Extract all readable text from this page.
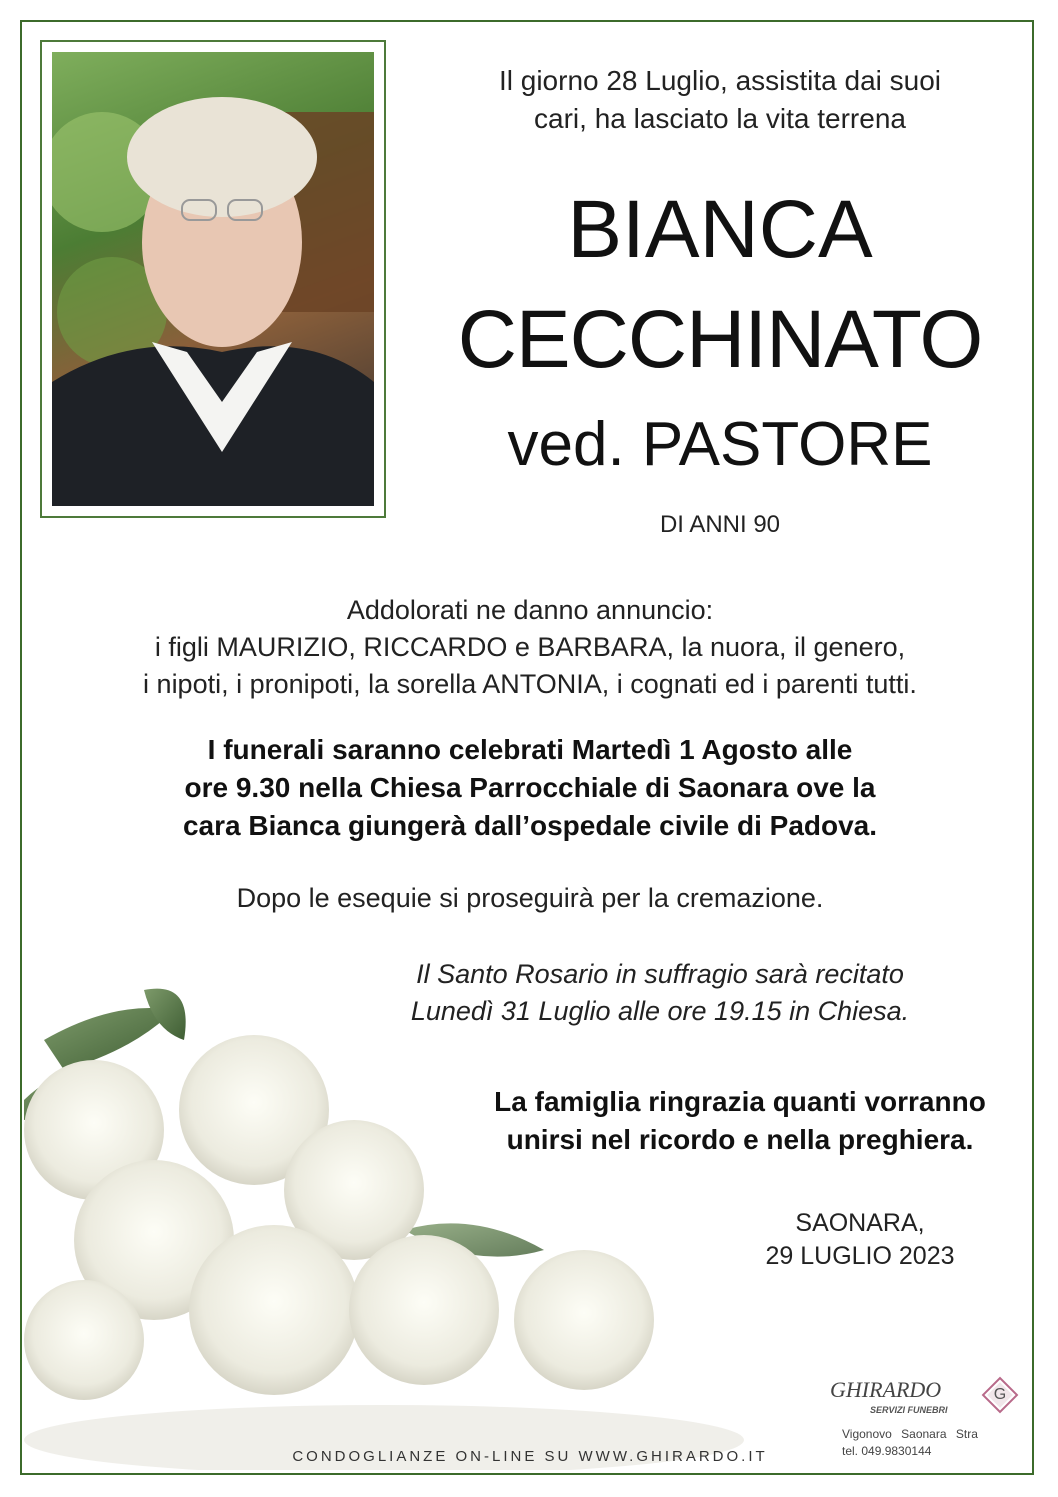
Il giorno 28 Luglio, assistita dai suoi
cari, ha lasciato la vita terrena
BIANCA
CECCHINATO
ved. PASTORE
DI ANNI 90
Addolorati ne danno annuncio:
i figli MAURIZIO, RICCARDO e BARBARA, la nuora, il genero,
i nipoti, i pronipoti, la sorella ANTONIA, i cognati ed i parenti tutti.
I funerali saranno celebrati Martedì 1 Agosto alle
ore 9.30 nella Chiesa Parrocchiale di Saonara ove la
cara Bianca giungerà dall’ospedale civile di Padova.
Dopo le esequie si proseguirà per la cremazione.
Il Santo Rosario in suffragio sarà recitato
Lunedì 31 Luglio alle ore 19.15 in Chiesa.
La famiglia ringrazia quanti vorranno
unirsi nel ricordo e nella preghiera.
SAONARA,
29 LUGLIO 2023
CONDOGLIANZE ON-LINE SU WWW.GHIRARDO.IT
GHIRARDO
SERVIZI FUNEBRI
G
Vigonovo Saonara Stra
tel. 049.9830144
